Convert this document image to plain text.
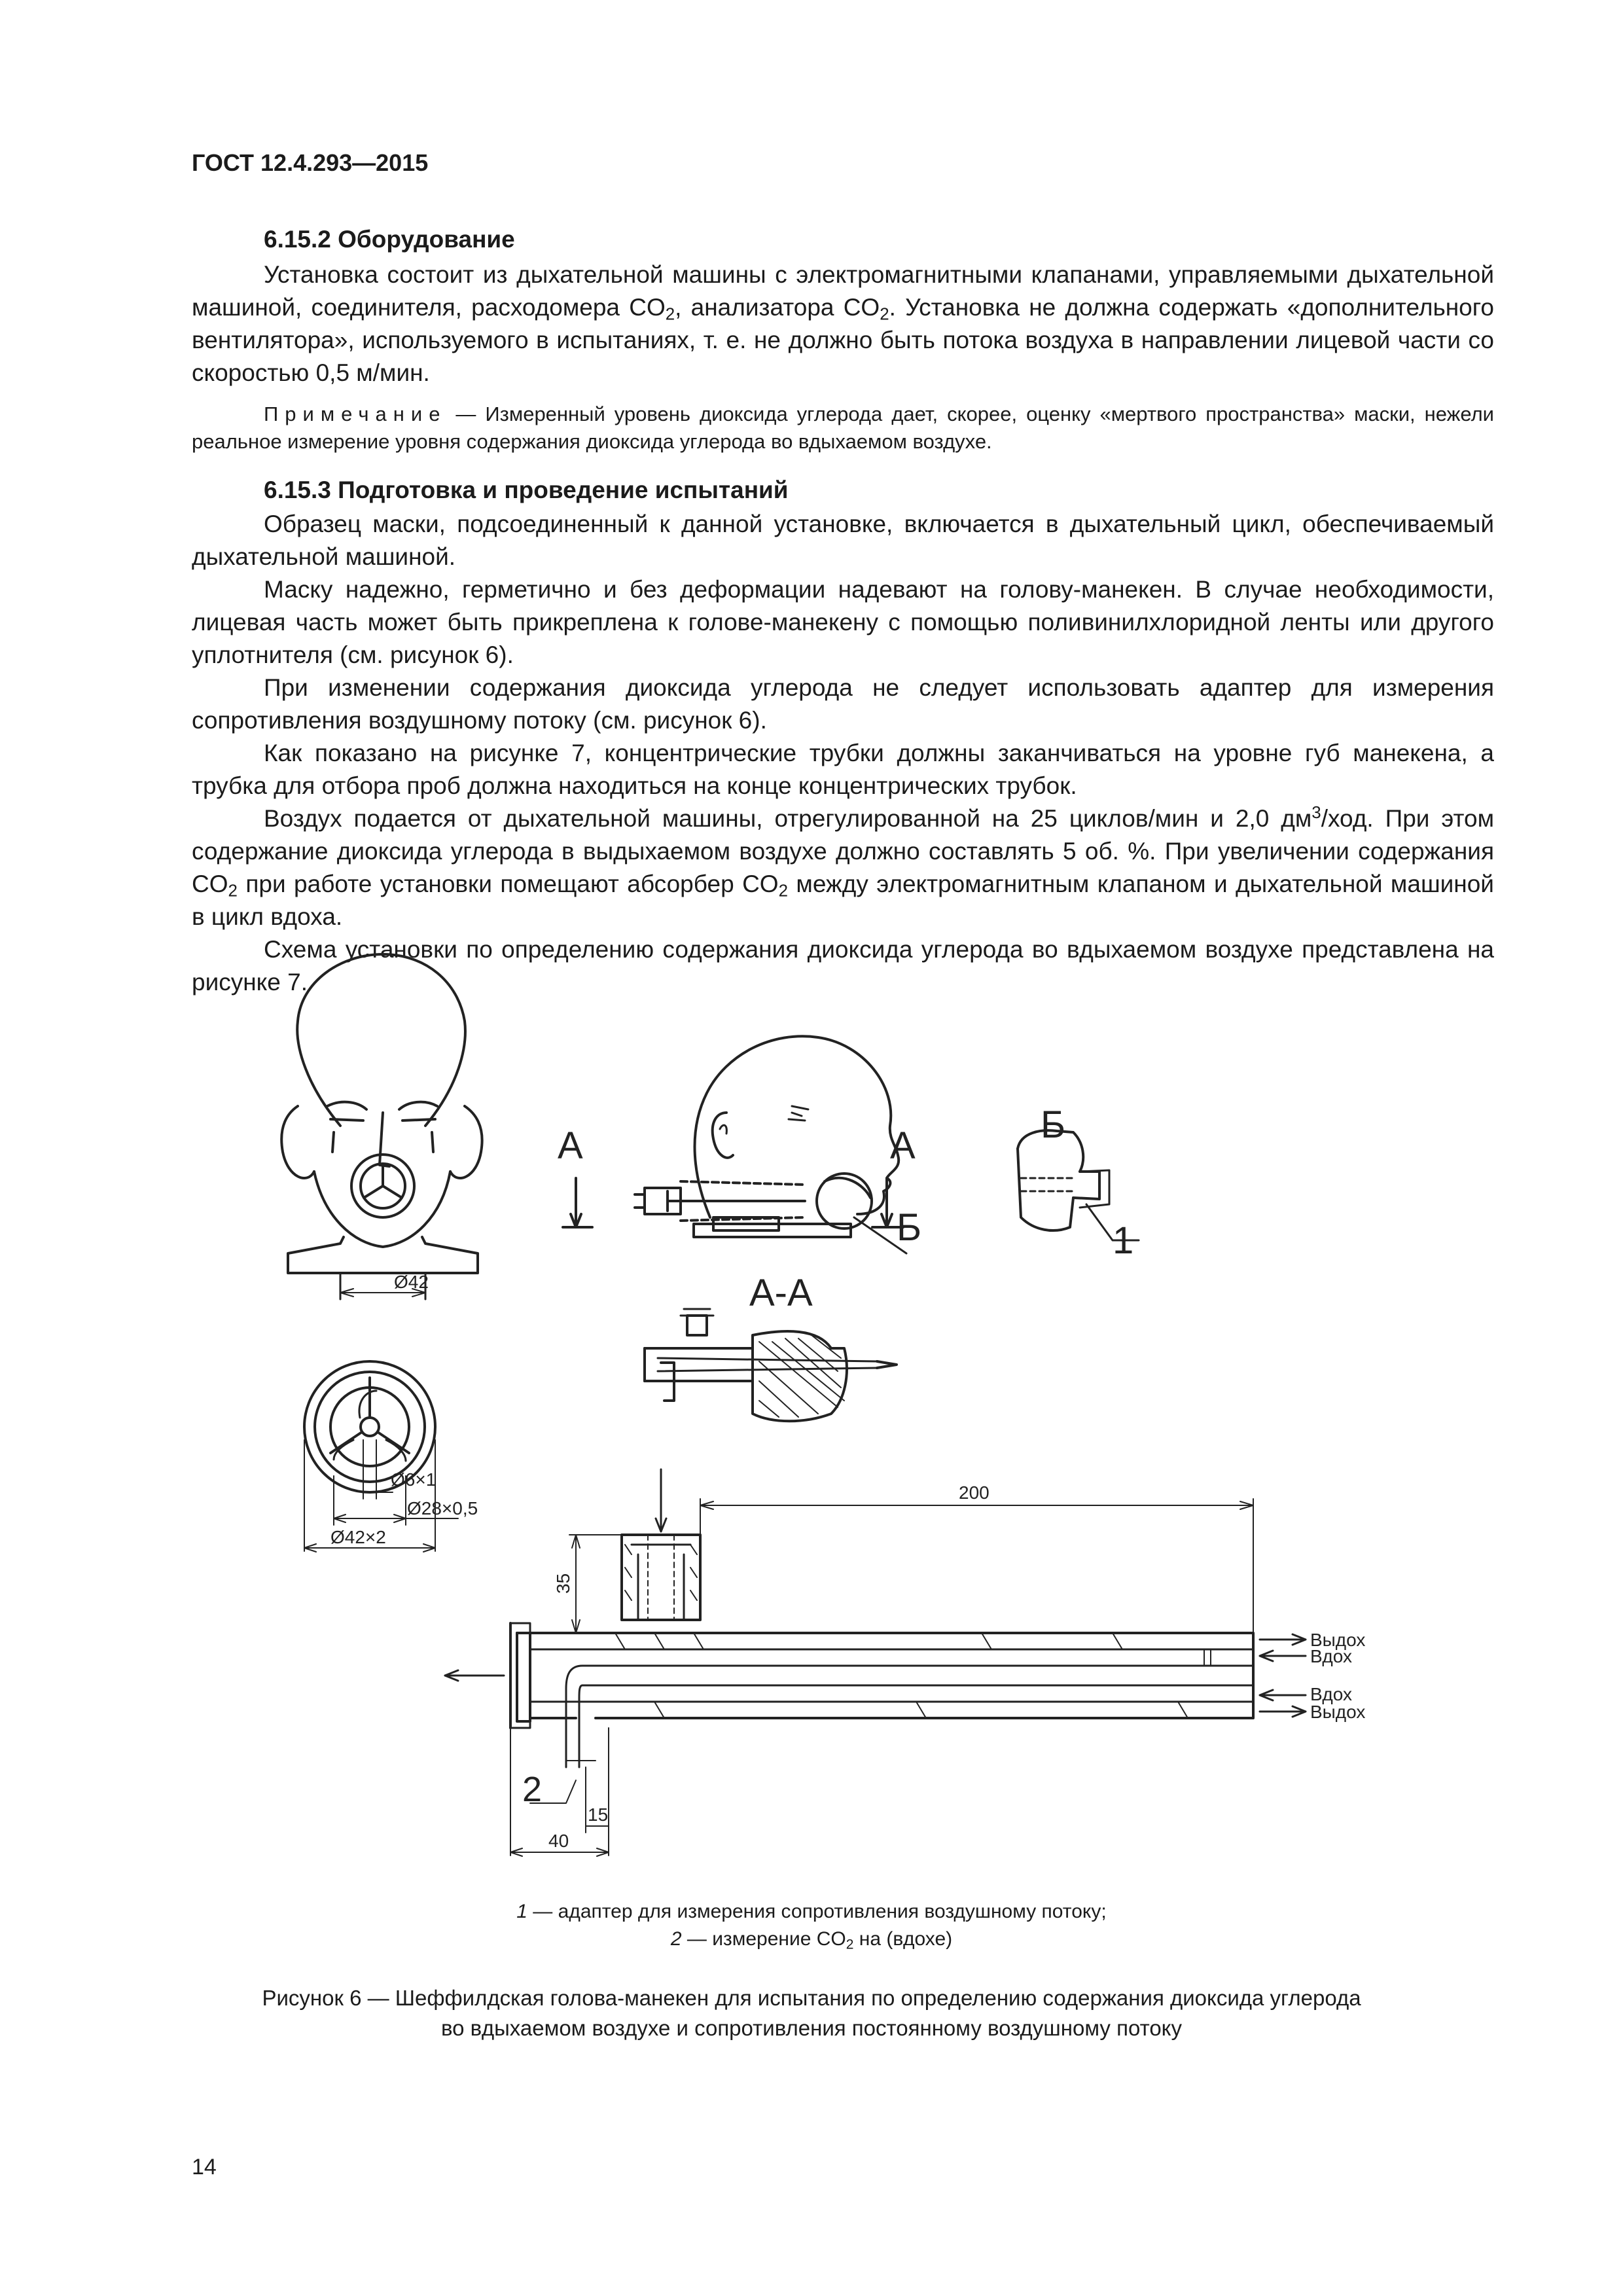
ГОСТ 12.4.293—2015
6.15.2 Оборудование

Установка состоит из дыхательной машины с электромагнитными клапанами, управляемыми дыхательной машиной, соединителя, расходомера $CO_2$, анализатора $CO_2$. Установка не должна содержать «дополнительного вентилятора», используемого в испытаниях, т. е. не должно быть потока воздуха в направлении лицевой части со скоростью 0,5 м/мин.

Примечание — Измеренный уровень диоксида углерода дает, скорее, оценку «мертвого пространства» маски, нежели реальное измерение уровня содержания диоксида углерода во вдыхаемом воздухе.

6.15.3 Подготовка и проведение испытаний

Образец маски, подсоединенный к данной установке, включается в дыхательный цикл, обеспечиваемый дыхательной машиной.

Маску надежно, герметично и без деформации надевают на голову-манекен. В случае необходимости, лицевая часть может быть прикреплена к голове-манекену с помощью поливинилхлоридной ленты или другого уплотнителя (см. рисунок 6).

При изменении содержания диоксида углерода не следует использовать адаптер для измерения сопротивления воздушному потоку (см. рисунок 6).

Как показано на рисунке 7, концентрические трубки должны заканчиваться на уровне губ манекена, а трубка для отбора проб должна находиться на конце концентрических трубок.

Воздух подается от дыхательной машины, отрегулированной на 25 циклов/мин и 2,0 $дм^3$/ход. При этом содержание диоксида углерода в выдыхаемом воздухе должно составлять 5 об. %. При увеличении содержания $CO_2$ при работе установки помещают абсорбер $CO_2$ между электромагнитным клапаном и дыхательной машиной в цикл вдоха.

Схема установки по определению содержания диоксида углерода во вдыхаемом воздухе представлена на рисунке 7.

А	А
Б
Б
1
А-А
Ø42
Ø6×1
Ø28×0,5
Ø42×2
200
35
15
40
2
Выдох
Вдох
Вдох
Выдох
1 — адаптер для измерения сопротивления воздушному потоку;
2 — измерение $CO_2$ на (вдохе)
Рисунок 6 — Шеффилдская голова-манекен для испытания по определению содержания диоксида углерода
во вдыхаемом воздухе и сопротивления постоянному воздушному потоку
14
